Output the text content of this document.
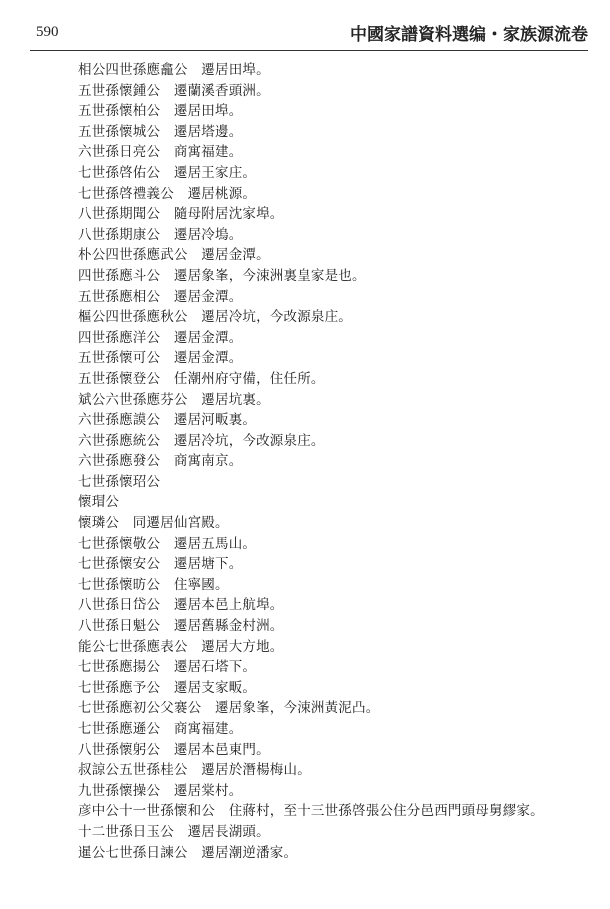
590	中國家譜資料選编・家族源流卷
相公四世孫應龕公　遷居田埠。
五世孫懷鍾公　遷蘭溪香頭洲。
五世孫懷柏公　遷居田埠。
五世孫懷城公　遷居塔邊。
六世孫日亮公　商寓福建。
七世孫啓佑公　遷居王家庄。
七世孫啓禮義公　遷居桃源。
八世孫期聞公　隨母附居沈家埠。
八世孫期康公　遷居冷塢。
朴公四世孫應武公　遷居金潭。
四世孫應斗公　遷居象峯，今涑洲裏皇家是也。
五世孫應相公　遷居金潭。
樞公四世孫應秋公　遷居冷坑，今改源泉庄。
四世孫應洋公　遷居金潭。
五世孫懷可公　遷居金潭。
五世孫懷登公　任潮州府守備，住任所。
斌公六世孫應芬公　遷居坑裏。
六世孫應謨公　遷居河畈裏。
六世孫應統公　遷居冷坑，今改源泉庄。
六世孫應發公　商寓南京。
七世孫懷玿公
懷瑁公
懷璘公　同遷居仙宮殿。
七世孫懷敬公　遷居五馬山。
七世孫懷安公　遷居塘下。
七世孫懷昉公　住寧國。
八世孫日岱公　遷居本邑上航埠。
八世孫日魁公　遷居舊縣金村洲。
能公七世孫應表公　遷居大方地。
七世孫應揚公　遷居石塔下。
七世孫應予公　遷居支家畈。
七世孫應初公父褰公　遷居象峯，今涑洲黃泥凸。
七世孫應遜公　商寓福建。
八世孫懷躬公　遷居本邑東門。
叔諒公五世孫桂公　遷居於潛楊梅山。
九世孫懷操公　遷居棠村。
彦中公十一世孫懷和公　住蔣村，至十三世孫啓張公住分邑西門頭母舅繆家。
十二世孫日玉公　遷居長湖頭。
暹公七世孫日諫公　遷居潮逆潘家。
